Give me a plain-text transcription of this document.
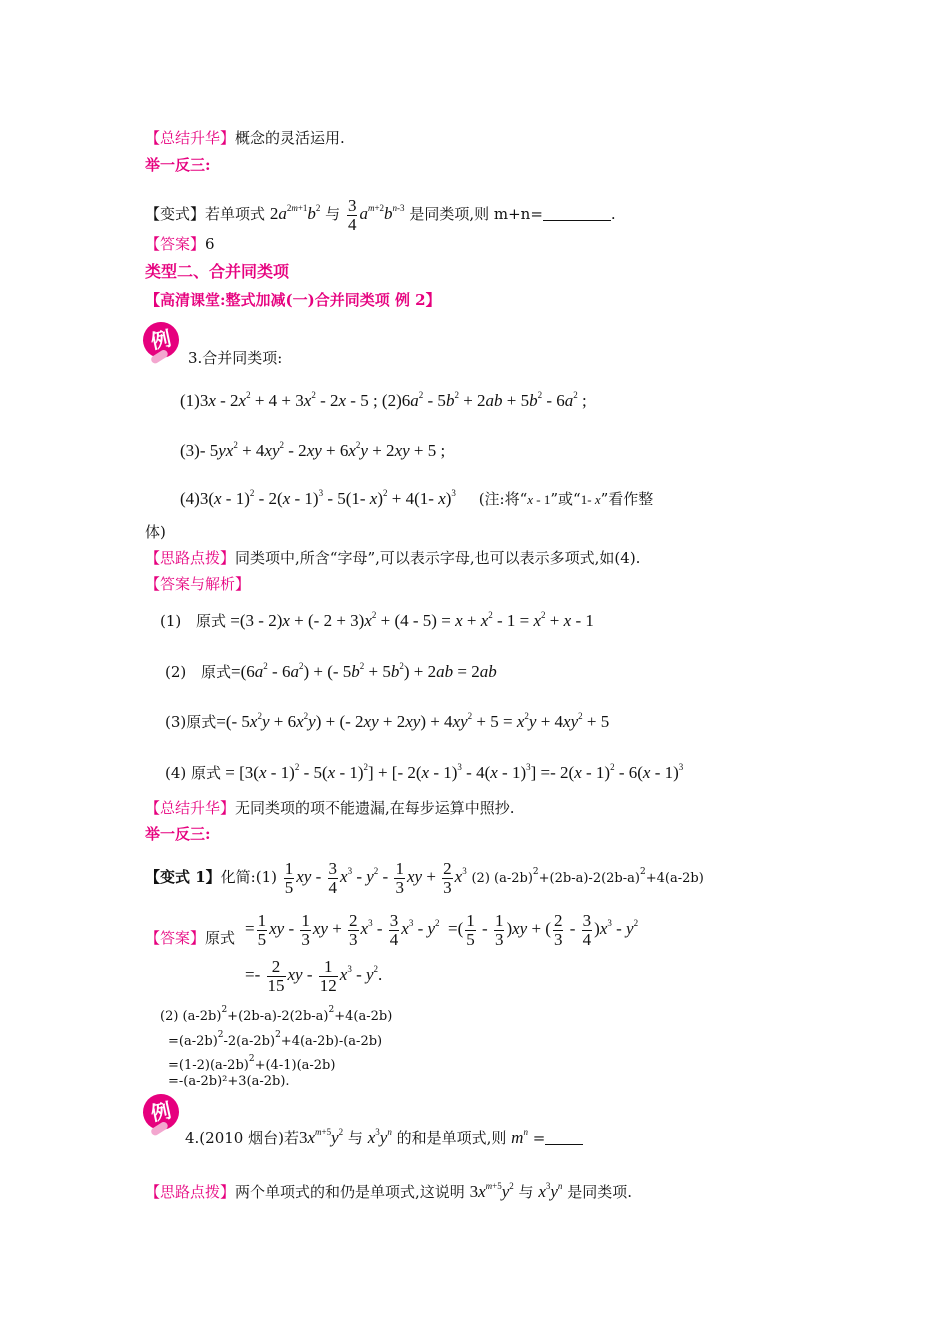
【总结升华】概念的灵活运用.
举一反三:
【变式】若单项式 $2a^{2m+1}b^2$ 与 $\frac{3}{4} a^{m+2}b^{n-3}$ 是同类项,则 m+n=	.
【答案】6
类型二、合并同类项
【高清课堂:整式加减(一)合并同类项 例 2】
例
3.合并同类项:
$(1)3x - 2x^2 + 4 + 3x^2 - 2x - 5$ ; $(2)6a^2 - 5b^2 + 2ab + 5b^2 - 6a^2$ ;
(3)- $5yx^2 + 4xy^2 - 2xy + 6x^2y + 2xy + 5$ ;
(4)3(x - 1)$^2$ - 2(x - 1)$^3$ - 5(1- x)$^2$ + 4(1- x)$^3$ (注:将“x - 1”或“1- x”看作整
体)
【思路点拨】同类项中,所含“字母”,可以表示字母,也可以表示多项式,如(4).
【答案与解析】
(1) 原式 =(3 - 2)x + (- $2 + 3)x^2 + (4 - 5) = x + x^2 - 1 = x^2 + x - 1$
(2) 原式$=(6a^2 - 6a^2)$ + (- $5b^2 + 5b^2) + 2ab = 2ab$
(3)原式=(- $5x^2y + 6x^2y$) + (- $2xy + 2xy) + 4xy^2 + 5 = x^2y + 4xy^2 + 5$
(4) 原式 = [3(x - 1)$^2$ - 5(x - 1)$^2$] + [- 2(x - 1)$^3$ - 4(x - 1)$^3$] =- 2(x - 1)$^2$ - 6(x - 1)$^3$
【总结升华】无同类项的项不能遗漏,在每步运算中照抄.
举一反三:
【变式 1】化简:(1) $\frac{1}{5}$ xy - $\frac{3}{4} x^3 - y^2 - \frac{1}{3}$ xy + $\frac{2}{3} x^3$ (2) $(a-2b)^2+(2b-a)-2(2b-a)^2+4(a-2b)$
【答案】原式 = $\frac{1}{5}$ xy - $\frac{1}{3}$ xy + $\frac{2}{3} x^3 - \frac{3}{4} x^3 - y^2$  =( $\frac{1}{5} - \frac{1}{3} )xy$ + ( $\frac{2}{3} - \frac{3}{4} )x^3 - y^2$
=- $\frac{2}{15}$ xy - $\frac{1}{12} x^3 - y^2$.
(2) $(a-2b)^2+(2b-a)-2(2b-a)^2+4(a-2b)$
$=(a-2b)^2-2(a-2b)^2+4(a-2b)-(a-2b)$
$=(1-2)(a-2b)^2+(4-1)(a-2b)$
=-(a-2b)²+3(a-2b).
例
4.(2010 烟台)若$3x^{m+5}y^2$ 与 $x^3y^n$ 的和是单项式,则 $m^n$ =
【思路点拨】两个单项式的和仍是单项式,这说明 $3x^{m+5}y^2$ 与 $x^3y^n$ 是同类项.
